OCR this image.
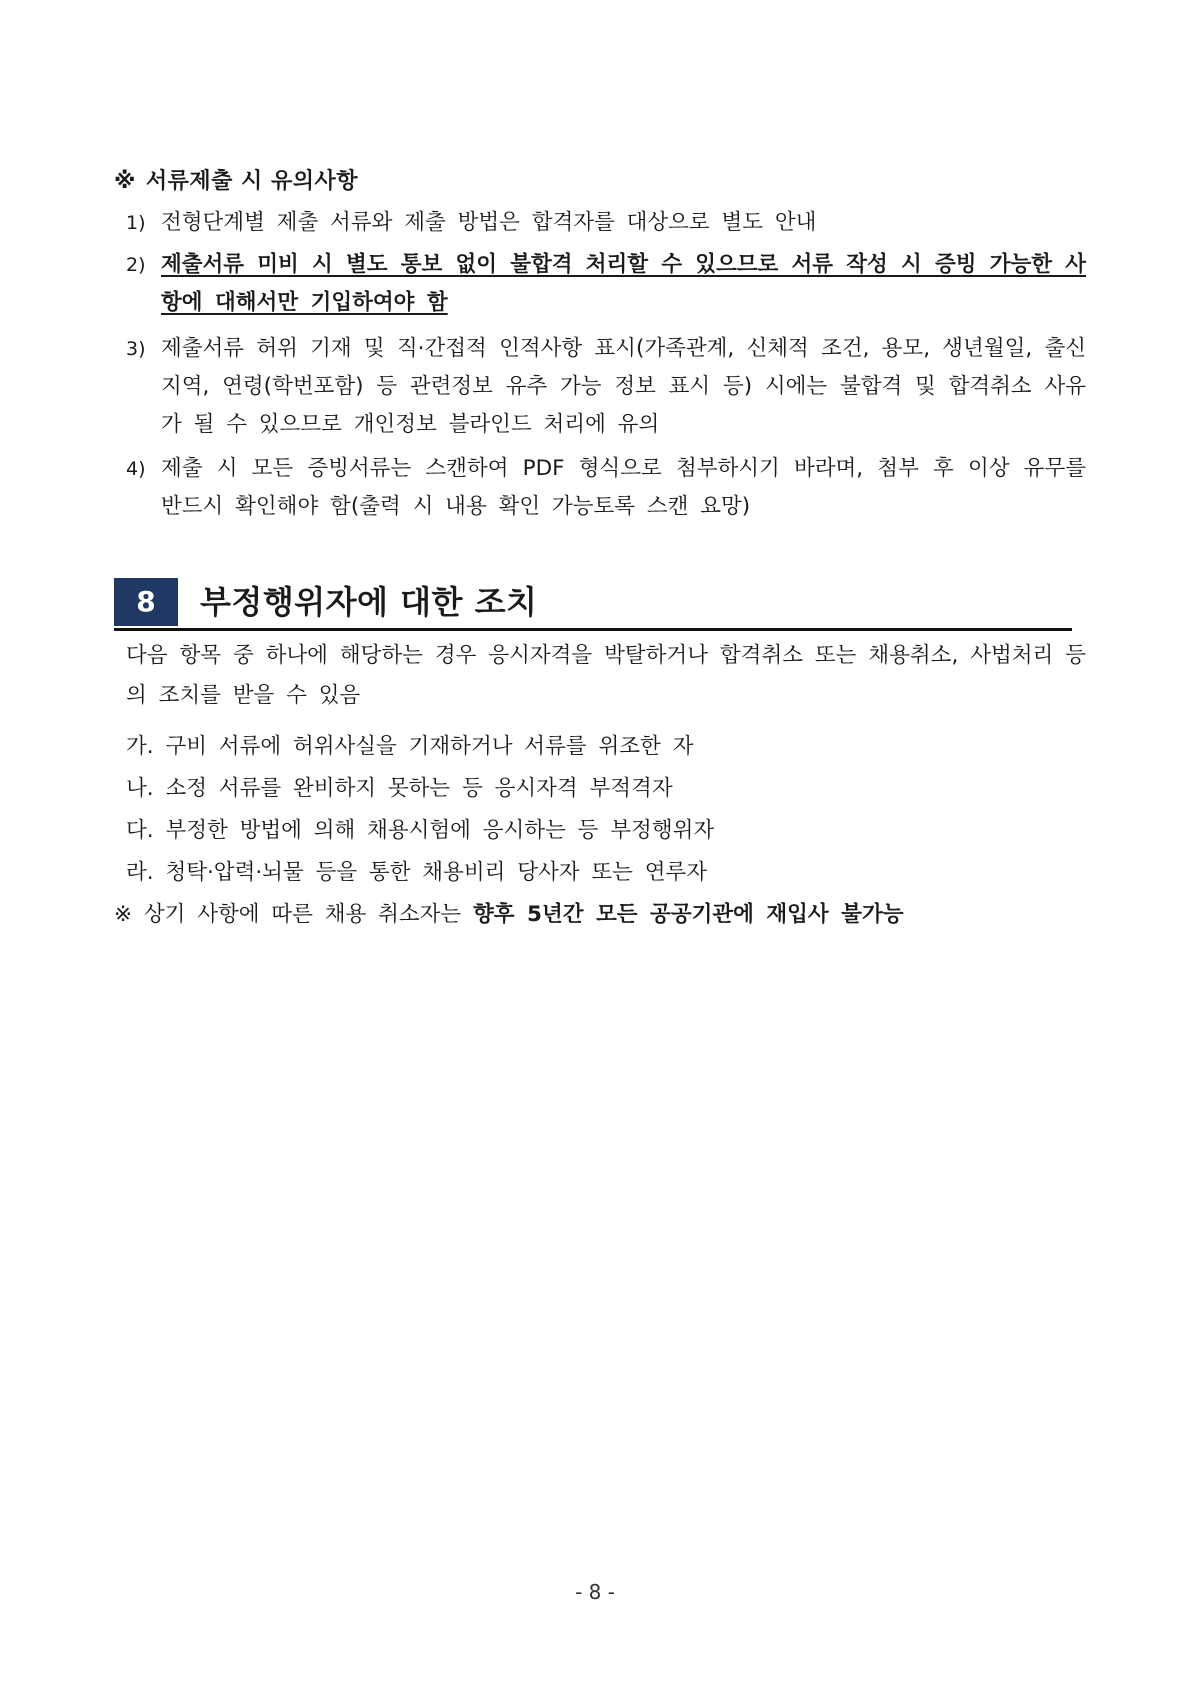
※ 서류제출 시 유의사항
1) 전형단계별 제출 서류와 제출 방법은 합격자를 대상으로 별도 안내
2) 제출서류 미비 시 별도 통보 없이 불합격 처리할 수 있으므로 서류 작성 시 증빙 가능한 사항에 대해서만 기입하여야 함
3) 제출서류 허위 기재 및 직·간접적 인적사항 표시(가족관계, 신체적 조건, 용모, 생년월일, 출신지역, 연령(학번포함) 등 관련정보 유추 가능 정보 표시 등) 시에는 불합격 및 합격취소 사유가 될 수 있으므로 개인정보 블라인드 처리에 유의
4) 제출 시 모든 증빙서류는 스캔하여 PDF 형식으로 첨부하시기 바라며, 첨부 후 이상 유무를 반드시 확인해야 함(출력 시 내용 확인 가능토록 스캔 요망)
8	부정행위자에 대한 조치
다음 항목 중 하나에 해당하는 경우 응시자격을 박탈하거나 합격취소 또는 채용취소, 사법처리 등의 조치를 받을 수 있음
가. 구비 서류에 허위사실을 기재하거나 서류를 위조한 자
나. 소정 서류를 완비하지 못하는 등 응시자격 부적격자
다. 부정한 방법에 의해 채용시험에 응시하는 등 부정행위자
라. 청탁·압력·뇌물 등을 통한 채용비리 당사자 또는 연루자
※ 상기 사항에 따른 채용 취소자는 향후 5년간 모든 공공기관에 재입사 불가능
- 8 -
